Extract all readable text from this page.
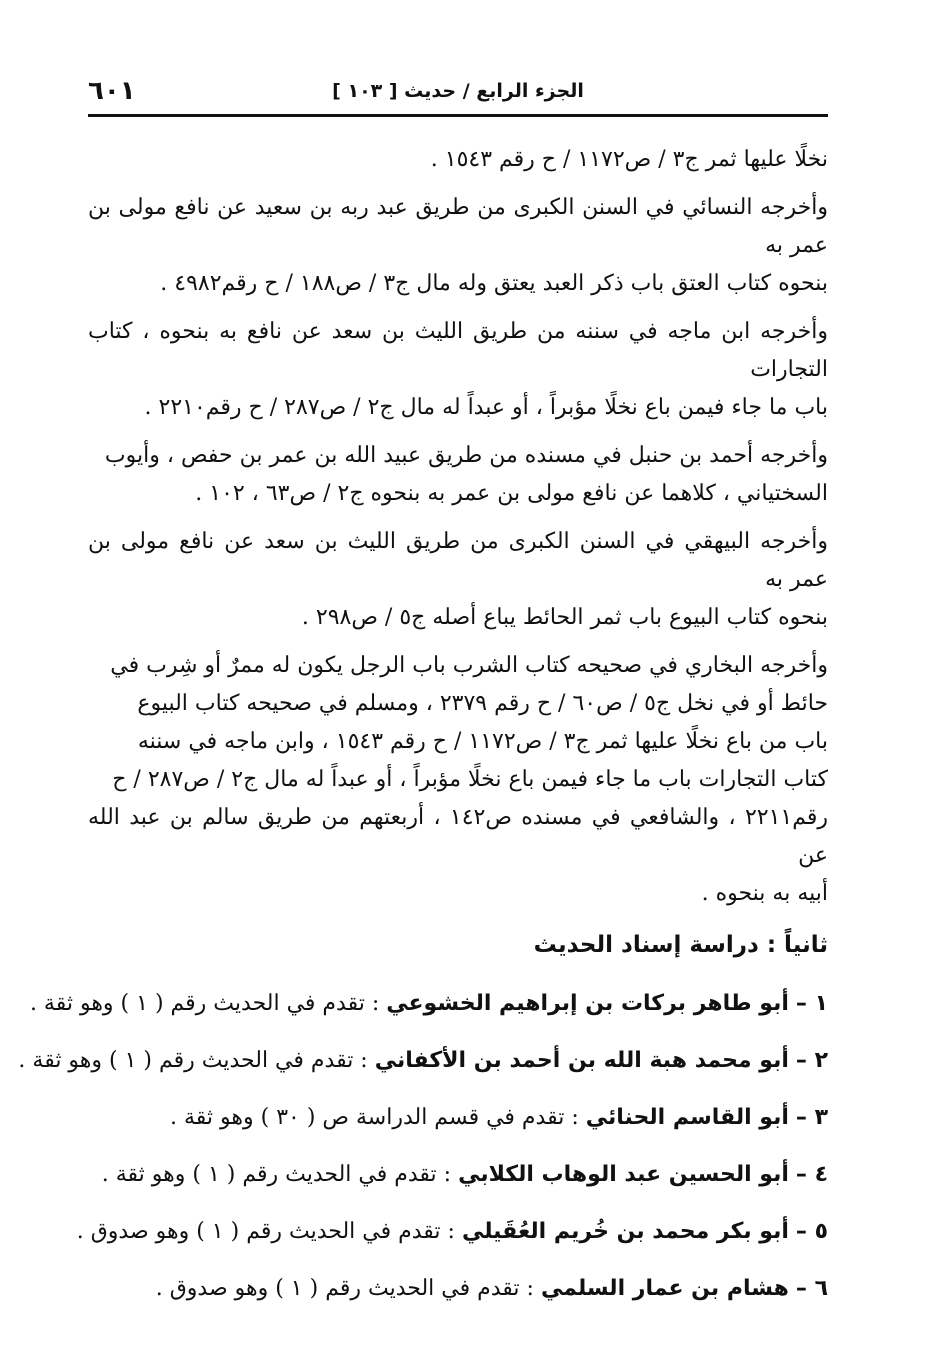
الجزء الرابع / حديث [ ١٠٣ ]
٦٠١

نخلًا عليها ثمر ج٣ / ص١١٧٢ / ح رقم ١٥٤٣ .

وأخرجه النسائي في السنن الكبرى من طريق عبد ربه بن سعيد عن نافع مولى بن عمر به
بنحوه كتاب العتق باب ذكر العبد يعتق وله مال ج٣ / ص١٨٨ / ح رقم٤٩٨٢ .

وأخرجه ابن ماجه في سننه من طريق الليث بن سعد عن نافع به بنحوه ، كتاب التجارات
باب ما جاء فيمن باع نخلًا مؤبراً ، أو عبداً له مال ج٢ / ص٢٨٧ / ح رقم٢٢١٠ .

وأخرجه أحمد بن حنبل في مسنده من طريق عبيد الله بن عمر بن حفص ، وأيوب
السختياني ، كلاهما عن نافع مولى بن عمر به بنحوه ج٢ / ص٦٣ ، ١٠٢ .

وأخرجه البيهقي في السنن الكبرى من طريق الليث بن سعد عن نافع مولى بن عمر به
بنحوه كتاب البيوع باب ثمر الحائط يباع أصله ج٥ / ص٢٩٨ .

وأخرجه البخاري في صحيحه كتاب الشرب باب الرجل يكون له ممرٌ أو شِرب في
حائط أو في نخل ج٥ / ص٦٠ / ح رقم ٢٣٧٩ ، ومسلم في صحيحه كتاب البيوع
باب من باع نخلًا عليها ثمر ج٣ / ص١١٧٢ / ح رقم ١٥٤٣ ، وابن ماجه في سننه
كتاب التجارات باب ما جاء فيمن باع نخلًا مؤبراً ، أو عبداً له مال ج٢ / ص٢٨٧ / ح
رقم٢٢١١ ، والشافعي في مسنده ص١٤٢ ، أربعتهم من طريق سالم بن عبد الله عن
أبيه به بنحوه .

ثانياً : دراسة إسناد الحديث
١ – أبو طاهر بركات بن إبراهيم الخشوعي : تقدم في الحديث رقم ( ١ ) وهو ثقة .
٢ – أبو محمد هبة الله بن أحمد بن الأكفاني : تقدم في الحديث رقم ( ١ ) وهو ثقة .
٣ – أبو القاسم الحنائي : تقدم في قسم الدراسة ص ( ٣٠ ) وهو ثقة .
٤ – أبو الحسين عبد الوهاب الكلابي : تقدم في الحديث رقم ( ١ ) وهو ثقة .
٥ – أبو بكر محمد بن خُريم العُقَيلي : تقدم في الحديث رقم ( ١ ) وهو صدوق .
٦ – هشام بن عمار السلمي : تقدم في الحديث رقم ( ١ ) وهو صدوق .
